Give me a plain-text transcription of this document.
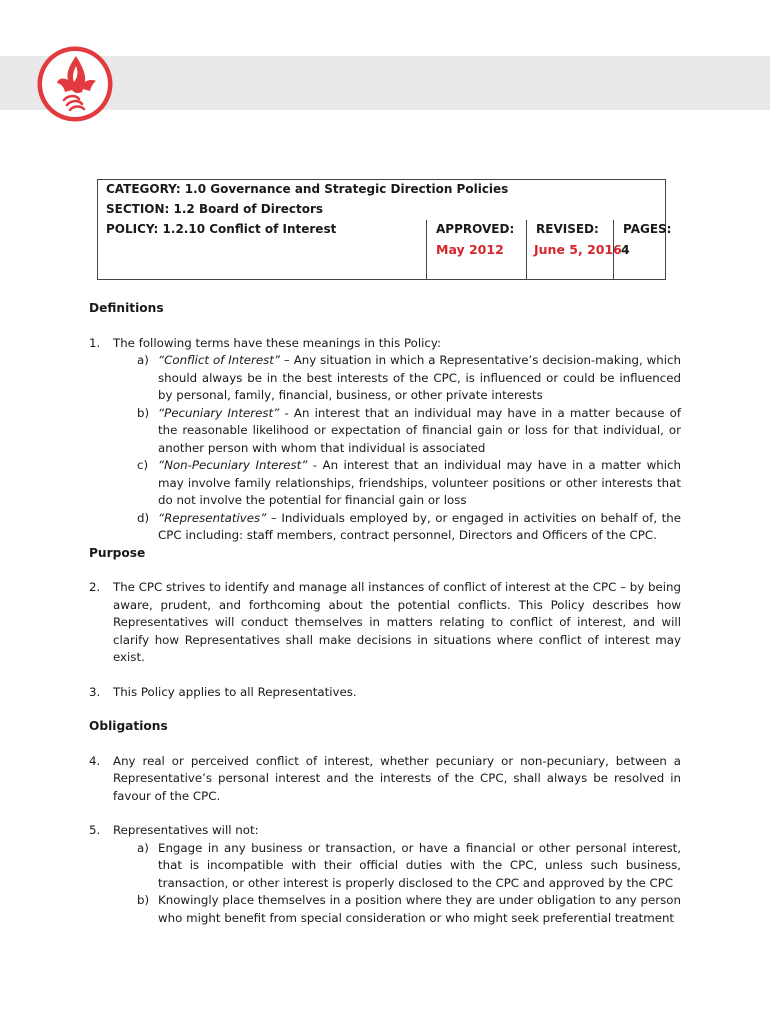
CATEGORY: 1.0 Governance and Strategic Direction Policies
SECTION: 1.2 Board of Directors
POLICY: 1.2.10 Conflict of Interest	APPROVED:
May 2012
REVISED:
June 5, 2016
PAGES:
4

Definitions

1. The following terms have these meanings in this Policy:
a) “Conflict of Interest” – Any situation in which a Representative’s decision-making, which should always be in the best interests of the CPC, is influenced or could be influenced by personal, family, financial, business, or other private interests
b) “Pecuniary Interest” - An interest that an individual may have in a matter because of the reasonable likelihood or expectation of financial gain or loss for that individual, or another person with whom that individual is associated
c) “Non-Pecuniary Interest” - An interest that an individual may have in a matter which may involve family relationships, friendships, volunteer positions or other interests that do not involve the potential for financial gain or loss
d) “Representatives” – Individuals employed by, or engaged in activities on behalf of, the CPC including: staff members, contract personnel, Directors and Officers of the CPC.

Purpose

2. The CPC strives to identify and manage all instances of conflict of interest at the CPC – by being aware, prudent, and forthcoming about the potential conflicts. This Policy describes how Representatives will conduct themselves in matters relating to conflict of interest, and will clarify how Representatives shall make decisions in situations where conflict of interest may exist.
3. This Policy applies to all Representatives.

Obligations

4. Any real or perceived conflict of interest, whether pecuniary or non-pecuniary, between a Representative’s personal interest and the interests of the CPC, shall always be resolved in favour of the CPC.
5. Representatives will not:
a) Engage in any business or transaction, or have a financial or other personal interest, that is incompatible with their official duties with the CPC, unless such business, transaction, or other interest is properly disclosed to the CPC and approved by the CPC
b) Knowingly place themselves in a position where they are under obligation to any person who might benefit from special consideration or who might seek preferential treatment
